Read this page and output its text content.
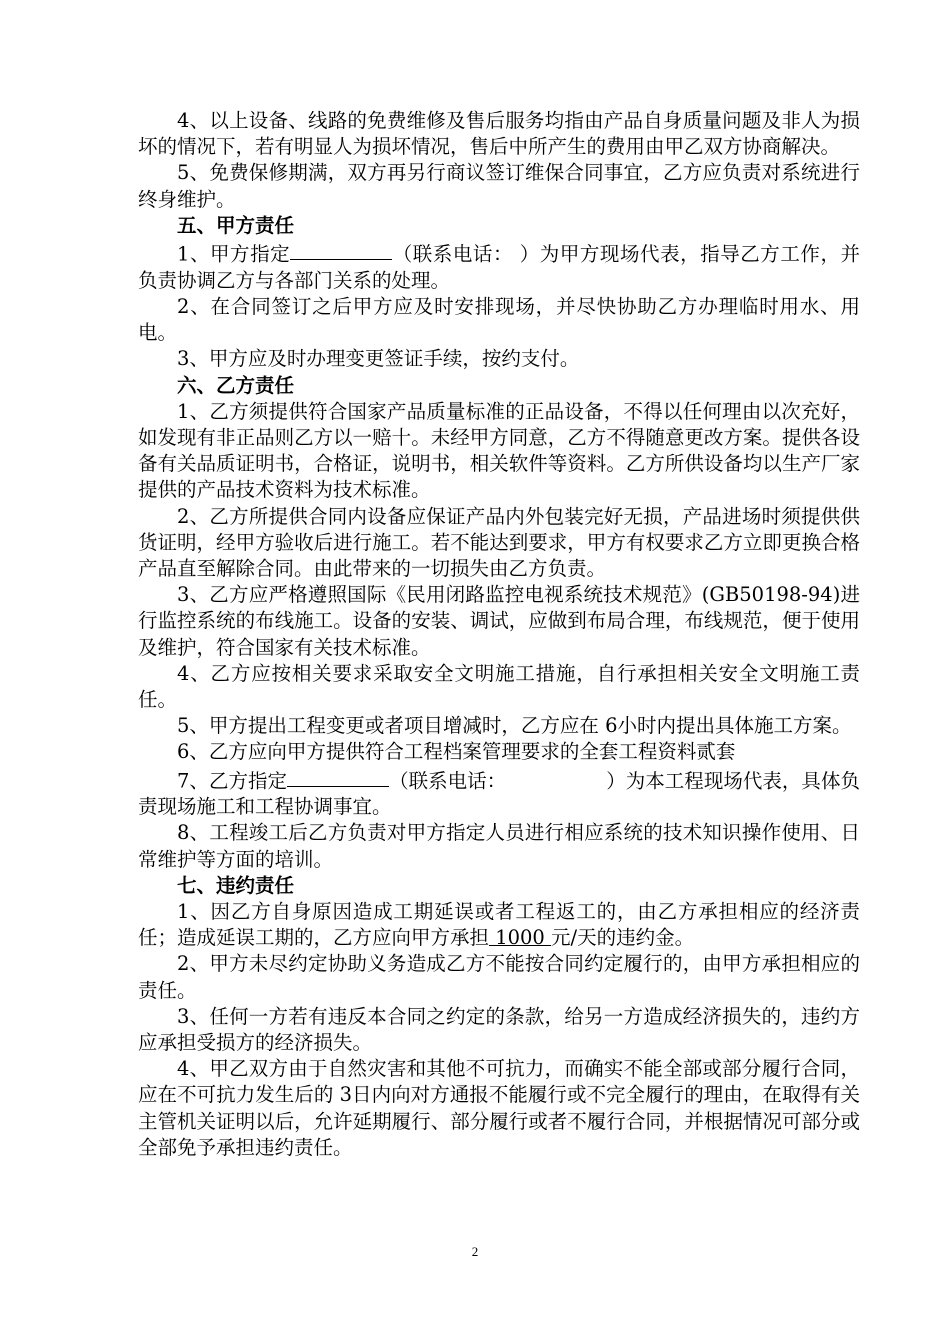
4、以上设备、线路的免费维修及售后服务均指由产品自身质量问题及非人为损坏的情况下，若有明显人为损坏情况，售后中所产生的费用由甲乙双方协商解决。

5、免费保修期满，双方再另行商议签订维保合同事宜，乙方应负责对系统进行终身维护。

五、甲方责任

1、甲方指定	（联系电话： ）为甲方现场代表，指导乙方工作，并负责协调乙方与各部门关系的处理。

2、在合同签订之后甲方应及时安排现场，并尽快协助乙方办理临时用水、用电。

3、甲方应及时办理变更签证手续，按约支付。

六、乙方责任

1、乙方须提供符合国家产品质量标准的正品设备，不得以任何理由以次充好，如发现有非正品则乙方以一赔十。未经甲方同意，乙方不得随意更改方案。提供各设备有关品质证明书，合格证，说明书，相关软件等资料。乙方所供设备均以生产厂家提供的产品技术资料为技术标准。

2、乙方所提供合同内设备应保证产品内外包装完好无损，产品进场时须提供供货证明，经甲方验收后进行施工。若不能达到要求，甲方有权要求乙方立即更换合格产品直至解除合同。由此带来的一切损失由乙方负责。

3、乙方应严格遵照国际《民用闭路监控电视系统技术规范》(GB50198-94)进行监控系统的布线施工。设备的安装、调试，应做到布局合理，布线规范，便于使用及维护，符合国家有关技术标准。

4、乙方应按相关要求采取安全文明施工措施，自行承担相关安全文明施工责任。

5、甲方提出工程变更或者项目增减时，乙方应在 6小时内提出具体施工方案。

6、乙方应向甲方提供符合工程档案管理要求的全套工程资料贰套

7、乙方指定	（联系电话：	）为本工程现场代表，具体负责现场施工和工程协调事宜。

8、工程竣工后乙方负责对甲方指定人员进行相应系统的技术知识操作使用、日常维护等方面的培训。

七、违约责任

1、因乙方自身原因造成工期延误或者工程返工的，由乙方承担相应的经济责任；造成延误工期的，乙方应向甲方承担 1000 元/天的违约金。

2、甲方未尽约定协助义务造成乙方不能按合同约定履行的，由甲方承担相应的责任。

3、任何一方若有违反本合同之约定的条款，给另一方造成经济损失的，违约方应承担受损方的经济损失。

4、甲乙双方由于自然灾害和其他不可抗力，而确实不能全部或部分履行合同，应在不可抗力发生后的 3日内向对方通报不能履行或不完全履行的理由，在取得有关主管机关证明以后，允许延期履行、部分履行或者不履行合同，并根据情况可部分或全部免予承担违约责任。

2
